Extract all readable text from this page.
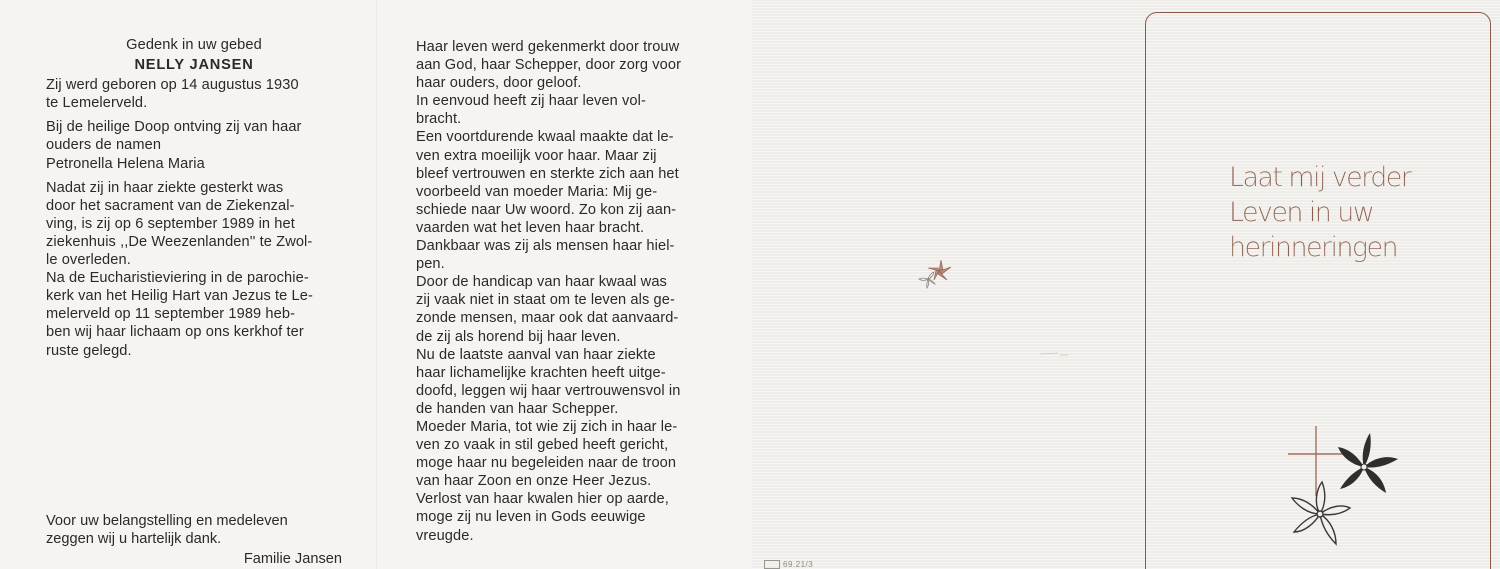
Gedenk in uw gebed

NELLY JANSEN

Zij werd geboren op 14 augustus 1930

te Lemelerveld.

Bij de heilige Doop ontving zij van haar

ouders de namen

Petronella Helena Maria

Nadat zij in haar ziekte gesterkt was

door het sacrament van de Ziekenzal-

ving, is zij op 6 september 1989 in het

ziekenhuis ,,De Weezenlanden'' te Zwol-

le overleden.

Na de Eucharistieviering in de parochie-

kerk van het Heilig Hart van Jezus te Le-

melerveld op 11 september 1989 heb-

ben wij haar lichaam op ons kerkhof ter

ruste gelegd.

Voor uw belangstelling en medeleven
zeggen wij u hartelijk dank.
Familie Jansen

Haar leven werd gekenmerkt door trouw

aan God, haar Schepper, door zorg voor

haar ouders, door geloof.

In eenvoud heeft zij haar leven vol-

bracht.

Een voortdurende kwaal maakte dat le-

ven extra moeilijk voor haar. Maar zij

bleef vertrouwen en sterkte zich aan het

voorbeeld van moeder Maria: Mij ge-

schiede naar Uw woord. Zo kon zij aan-

vaarden wat het leven haar bracht.

Dankbaar was zij als mensen haar hiel-

pen.

Door de handicap van haar kwaal was

zij vaak niet in staat om te leven als ge-

zonde mensen, maar ook dat aanvaard-

de zij als horend bij haar leven.

Nu de laatste aanval van haar ziekte

haar lichamelijke krachten heeft uitge-

doofd, leggen wij haar vertrouwensvol in

de handen van haar Schepper.

Moeder Maria, tot wie zij zich in haar le-

ven zo vaak in stil gebed heeft gericht,

moge haar nu begeleiden naar de troon

van haar Zoon en onze Heer Jezus.

Verlost van haar kwalen hier op aarde,

moge zij nu leven in Gods eeuwige

vreugde.

Laat mij verder
Leven in uw
herinneringen
69.21/3
